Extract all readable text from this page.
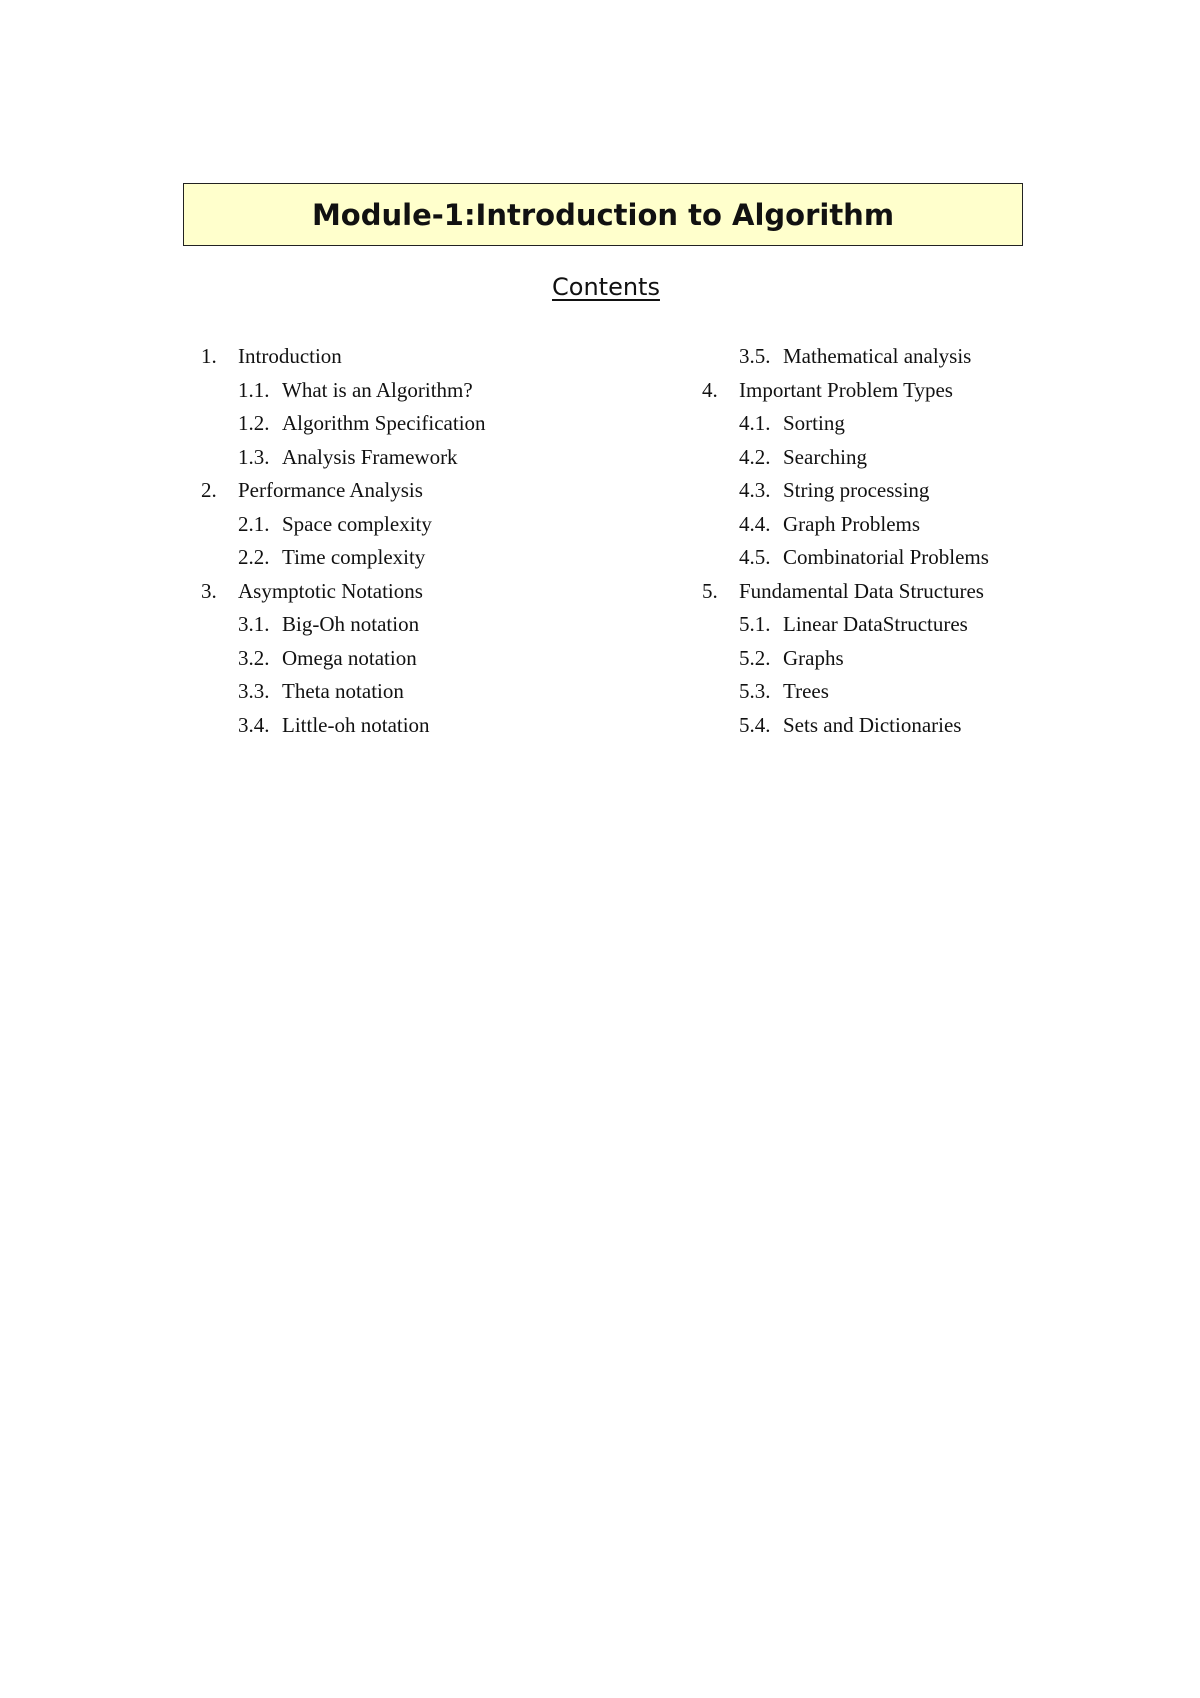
Module-1:Introduction to Algorithm
Contents
1.	Introduction
1.1. What is an Algorithm?
1.2. Algorithm Specification
1.3. Analysis Framework
2.	Performance Analysis
2.1. Space complexity
2.2. Time complexity
3.	Asymptotic Notations
3.1. Big-Oh notation
3.2. Omega notation
3.3. Theta notation
3.4. Little-oh notation
3.5. Mathematical analysis
4.	Important Problem Types
4.1. Sorting
4.2. Searching
4.3. String processing
4.4. Graph Problems
4.5. Combinatorial Problems
5.	Fundamental Data Structures
5.1. Linear DataStructures
5.2. Graphs
5.3. Trees
5.4. Sets and Dictionaries
